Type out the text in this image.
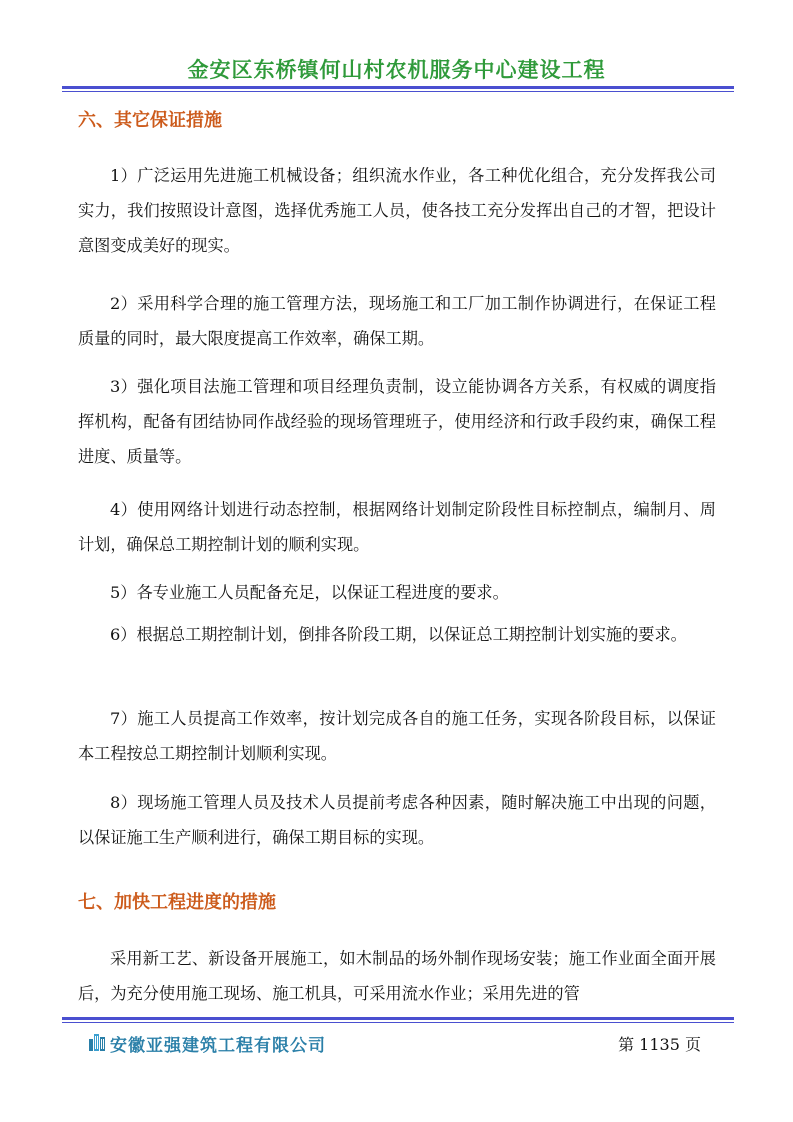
金安区东桥镇何山村农机服务中心建设工程
六、其它保证措施
1）广泛运用先进施工机械设备；组织流水作业，各工种优化组合，充分发挥我公司实力，我们按照设计意图，选择优秀施工人员，使各技工充分发挥出自己的才智，把设计意图变成美好的现实。
2）采用科学合理的施工管理方法，现场施工和工厂加工制作协调进行，在保证工程质量的同时，最大限度提高工作效率，确保工期。
3）强化项目法施工管理和项目经理负责制，设立能协调各方关系，有权威的调度指挥机构，配备有团结协同作战经验的现场管理班子，使用经济和行政手段约束，确保工程进度、质量等。
4）使用网络计划进行动态控制，根据网络计划制定阶段性目标控制点，编制月、周计划，确保总工期控制计划的顺利实现。
5）各专业施工人员配备充足，以保证工程进度的要求。
6）根据总工期控制计划，倒排各阶段工期，以保证总工期控制计划实施的要求。
7）施工人员提高工作效率，按计划完成各自的施工任务，实现各阶段目标，以保证本工程按总工期控制计划顺利实现。
8）现场施工管理人员及技术人员提前考虑各种因素，随时解决施工中出现的问题，以保证施工生产顺利进行，确保工期目标的实现。
七、加快工程进度的措施
采用新工艺、新设备开展施工，如木制品的场外制作现场安装；施工作业面全面开展后，为充分使用施工现场、施工机具，可采用流水作业；采用先进的管
安徽亚强建筑工程有限公司	第 1135 页
